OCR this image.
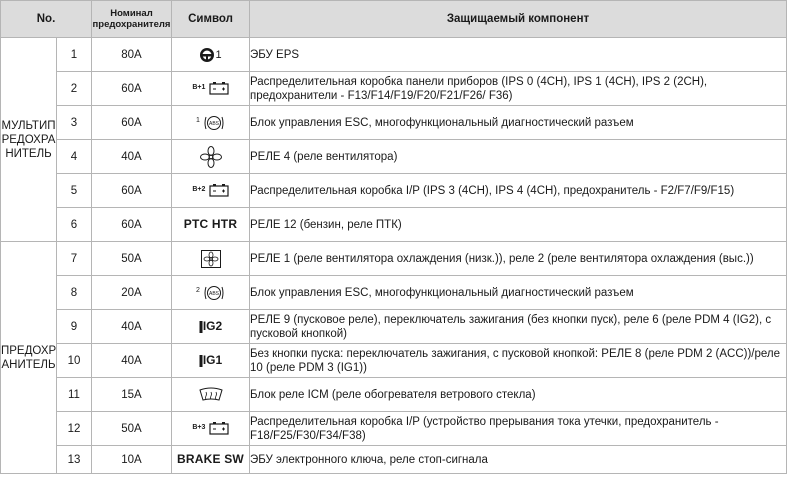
No.		Номинал предохранителя	Символ	Защищаемый компонент
МУЛЬТИП РЕДОХРА НИТЕЛЬ	1	80A	1	ЭБУ EPS
	2	60A	$^{B+1}$	Распределительная коробка панели приборов (IPS 0 (4CH), IPS 1 (4CH), IPS 2 (2CH), предохранители - F13/F14/F19/F20/F21/F26/ F36)
	3	60A	$^1$ ABS	Блок управления ESC, многофункциональный диагностический разъем
	4	40A		РЕЛЕ 4 (реле вентилятора)
	5	60A	$^{B+2}$	Распределительная коробка I/P (IPS 3 (4CH), IPS 4 (4CH), предохранитель - F2/F7/F9/F15)
	6	60A	PTC HTR	РЕЛЕ 12 (бензин, реле ПТК)
ПРЕДОХР АНИТЕЛЬ	7	50A		РЕЛЕ 1 (реле вентилятора охлаждения (низк.)), реле 2 (реле вентилятора охлаждения (выс.))
	8	20A	$^2$ ABS	Блок управления ESC, многофункциональный диагностический разъем
	9	40A	IG2	РЕЛЕ 9 (пусковое реле), переключатель зажигания (без кнопки пуск), реле 6 (реле PDM 4 (IG2), с пусковой кнопкой)
	10	40A	IG1	Без кнопки пуска: переключатель зажигания, с пусковой кнопкой: РЕЛЕ 8 (реле PDM 2 (ACC))/реле 10 (реле PDM 3 (IG1))
	11	15A		Блок реле ICM (реле обогревателя ветрового стекла)
	12	50A	$^{B+3}$	Распределительная коробка I/P (устройство прерывания тока утечки, предохранитель - F18/F25/F30/F34/F38)
	13	10A	BRAKE SW	ЭБУ электронного ключа, реле стоп-сигнала
